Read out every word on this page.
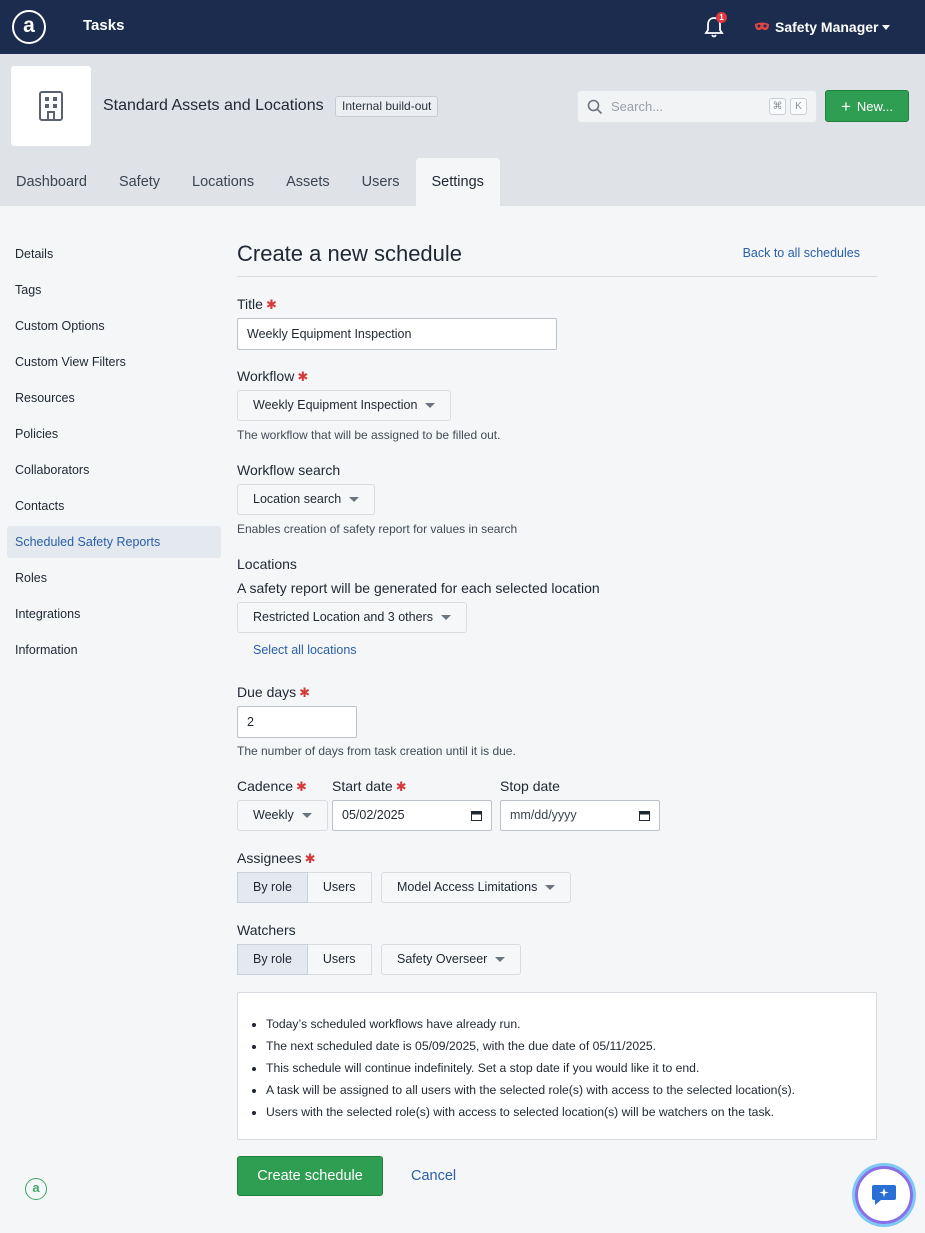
a	Tasks	1
Safety Manager
Standard Assets and Locations	Internal build-out	Search...	⌘	K	+ New...
Dashboard	Safety	Locations	Assets	Users	Settings
Details
Tags
Custom Options
Custom View Filters
Resources
Policies
Collaborators
Contacts
Scheduled Safety Reports
Roles
Integrations
Information
a
Create a new schedule	Back to all schedules
Title ✱
Weekly Equipment Inspection
Workflow ✱
Weekly Equipment Inspection
The workflow that will be assigned to be filled out.
Workflow search
Location search
Enables creation of safety report for values in search
Locations
A safety report will be generated for each selected location
Restricted Location and 3 others
Select all locations
Due days ✱
2
The number of days from task creation until it is due.
Cadence ✱ Start date ✱	Stop date
Weekly	05/02/2025	mm/dd/yyyy
Assignees ✱
By role	Users	Model Access Limitations
Watchers
By role	Users	Safety Overseer
• Today’s scheduled workflows have already run.
• The next scheduled date is 05/09/2025, with the due date of 05/11/2025.
• This schedule will continue indefinitely. Set a stop date if you would like it to end.
• A task will be assigned to all users with the selected role(s) with access to the selected location(s).
• Users with the selected role(s) with access to selected location(s) will be watchers on the task.
Create schedule	Cancel
